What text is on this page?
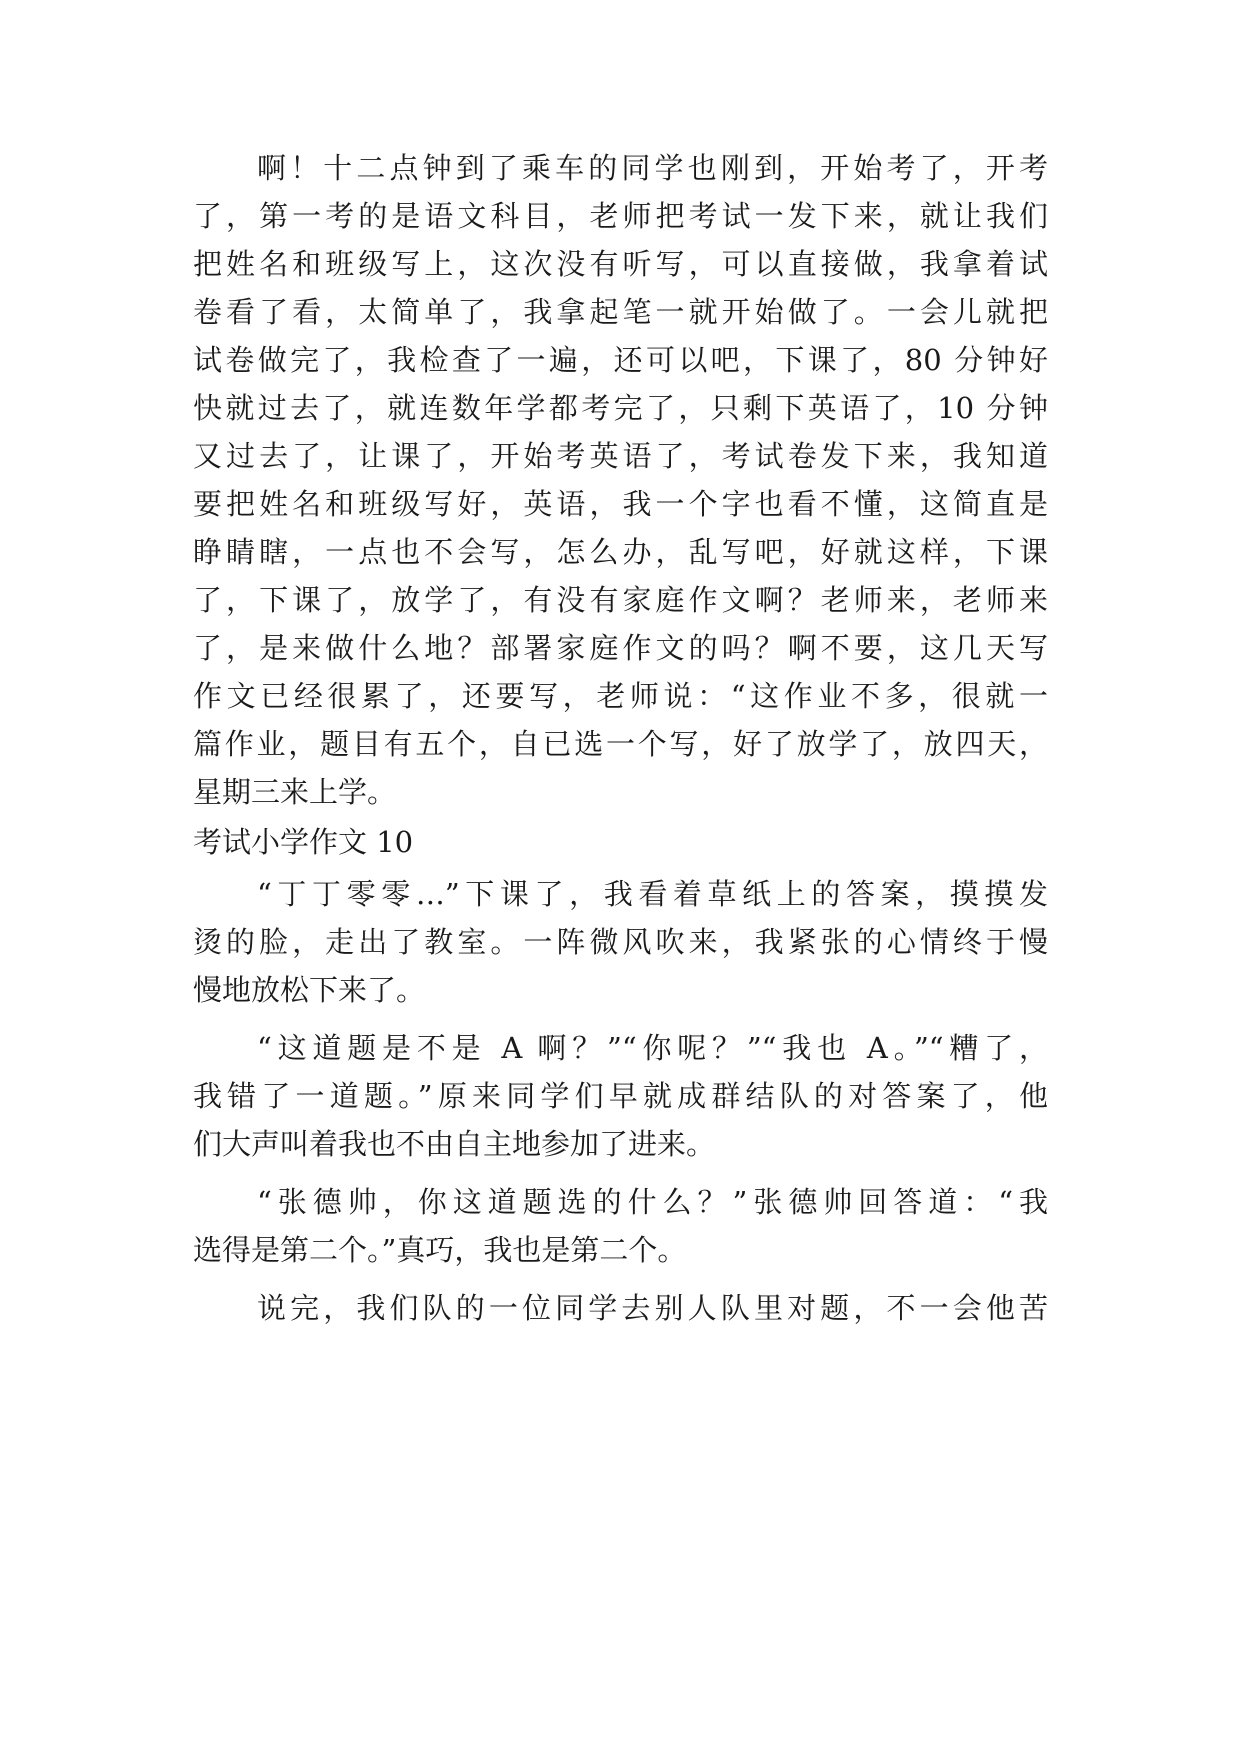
啊！十二点钟到了乘车的同学也刚到，开始考了，开考
了，第一考的是语文科目，老师把考试一发下来，就让我们
把姓名和班级写上，这次没有听写，可以直接做，我拿着试
卷看了看，太简单了，我拿起笔一就开始做了。一会儿就把
试卷做完了，我检查了一遍，还可以吧，下课了，80 分钟好
快就过去了，就连数年学都考完了，只剩下英语了，10 分钟
又过去了，让课了，开始考英语了，考试卷发下来，我知道
要把姓名和班级写好，英语，我一个字也看不懂，这简直是
睁睛瞎，一点也不会写，怎么办，乱写吧，好就这样，下课
了，下课了，放学了，有没有家庭作文啊？老师来，老师来
了，是来做什么地？部署家庭作文的吗？啊不要，这几天写
作文已经很累了，还要写，老师说：“这作业不多，很就一
篇作业，题目有五个，自已选一个写，好了放学了，放四天，
星期三来上学。
考试小学作文 10
“丁丁零零…”下课了，我看着草纸上的答案，摸摸发
烫的脸，走出了教室。一阵微风吹来，我紧张的心情终于慢
慢地放松下来了。
“这道题是不是 A 啊？”“你呢？”“我也 A。”“糟了，
我错了一道题。”原来同学们早就成群结队的对答案了，他
们大声叫着我也不由自主地参加了进来。
“张德帅，你这道题选的什么？”张德帅回答道：“我
选得是第二个。”真巧，我也是第二个。
说完，我们队的一位同学去别人队里对题，不一会他苦
